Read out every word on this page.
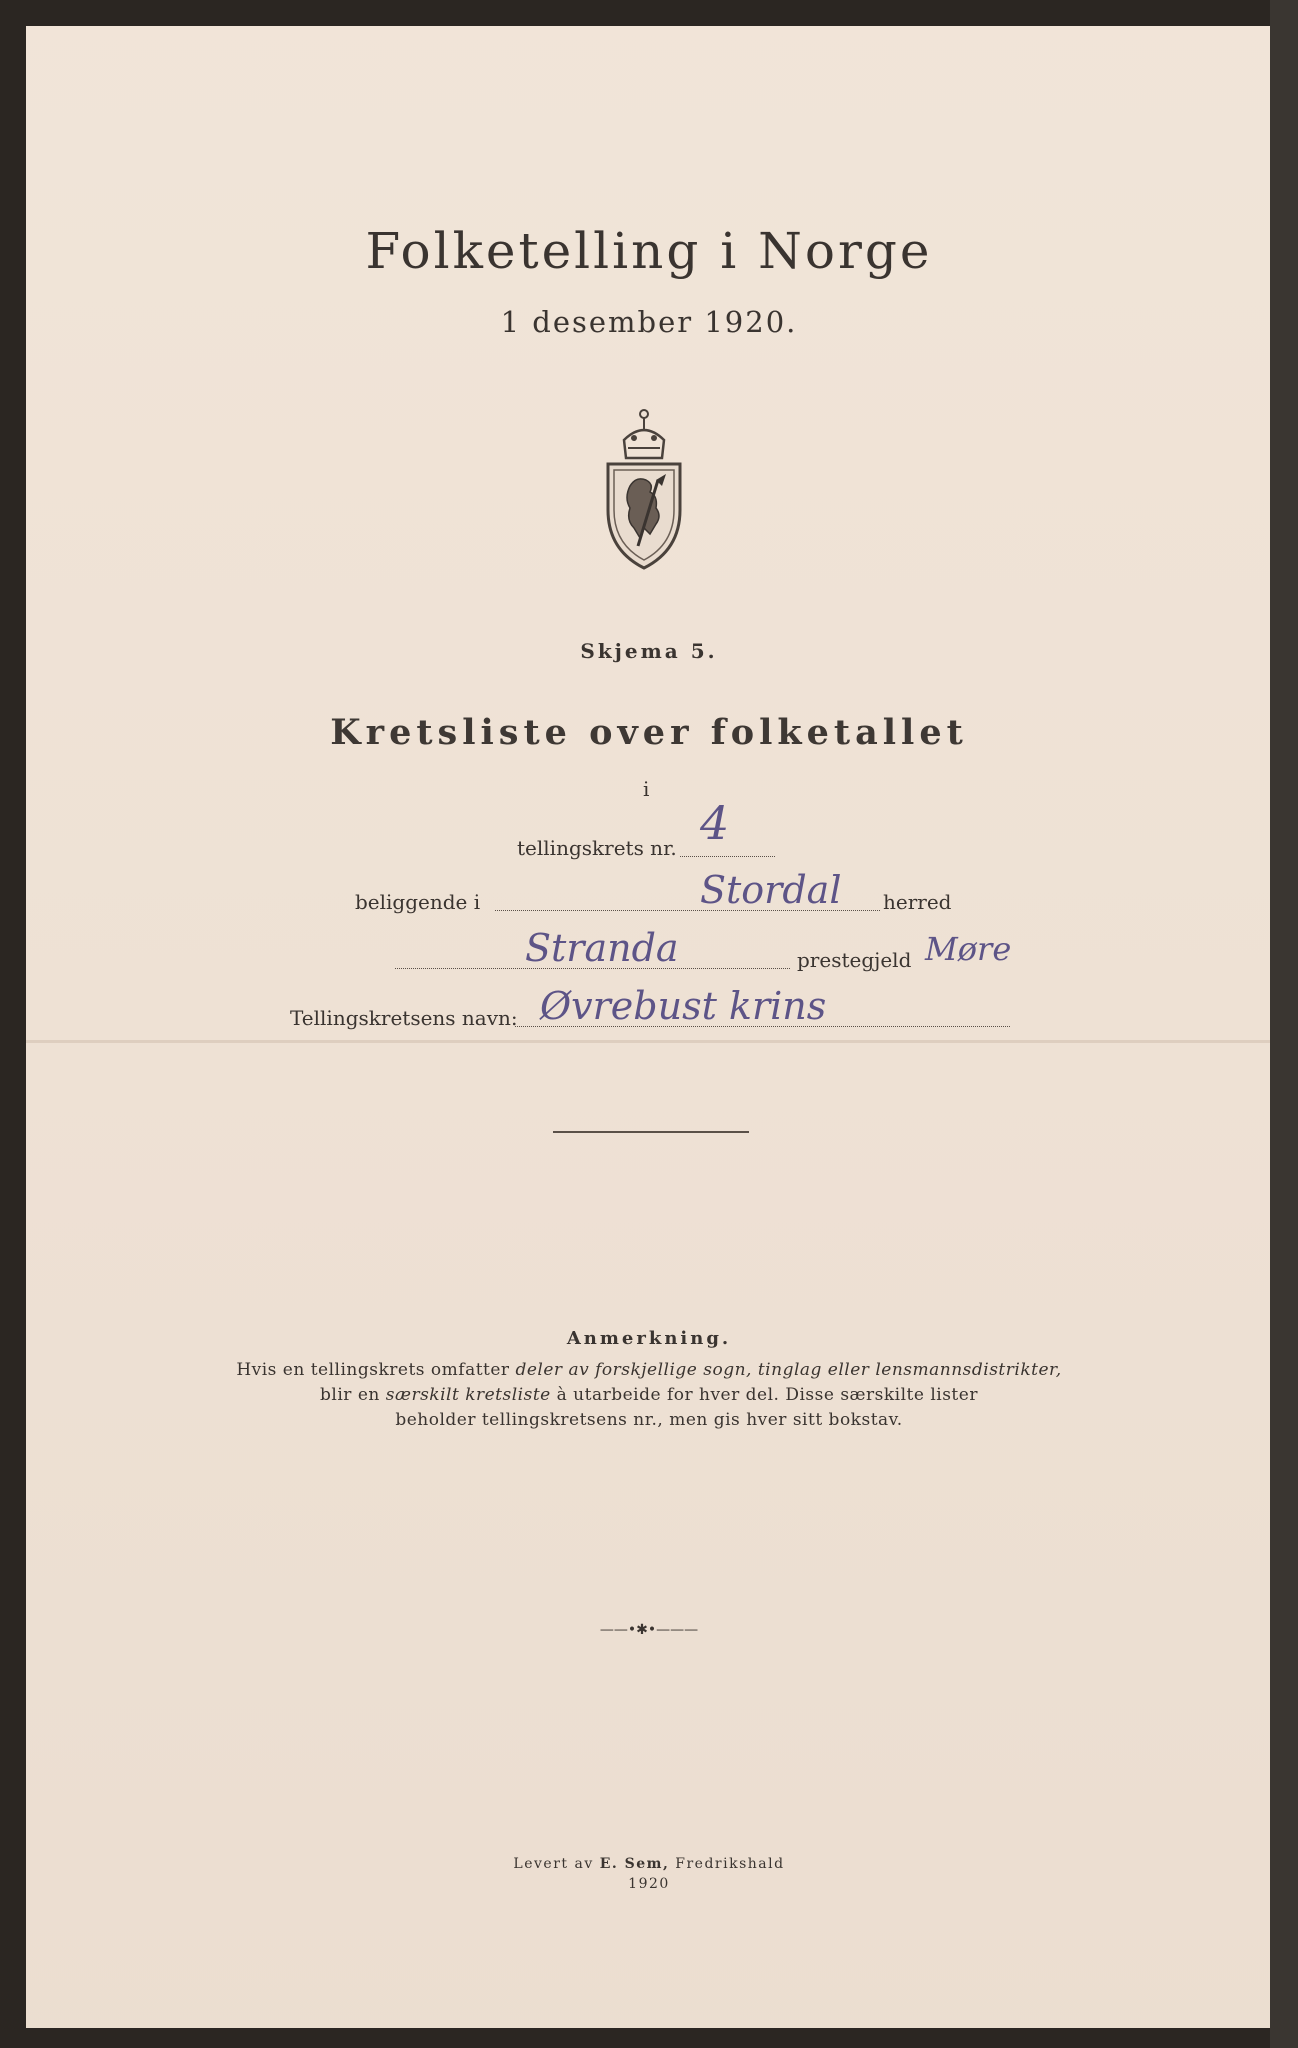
Folketelling i Norge
1 desember 1920.
Skjema 5.
Kretsliste over folketallet
i
tellingskrets nr. 4
beliggende i	Stordal herred
Stranda	prestegjeld Møre
Tellingskretsens navn: Øvrebust krins
Anmerkning.
Hvis en tellingskrets omfatter deler av forskjellige sogn, tinglag eller lensmannsdistrikter,
blir en særskilt kretsliste à utarbeide for hver del. Disse særskilte lister
beholder tellingskretsens nr., men gis hver sitt bokstav.
——•✱•———
Levert av E. Sem, Fredrikshald
1920
